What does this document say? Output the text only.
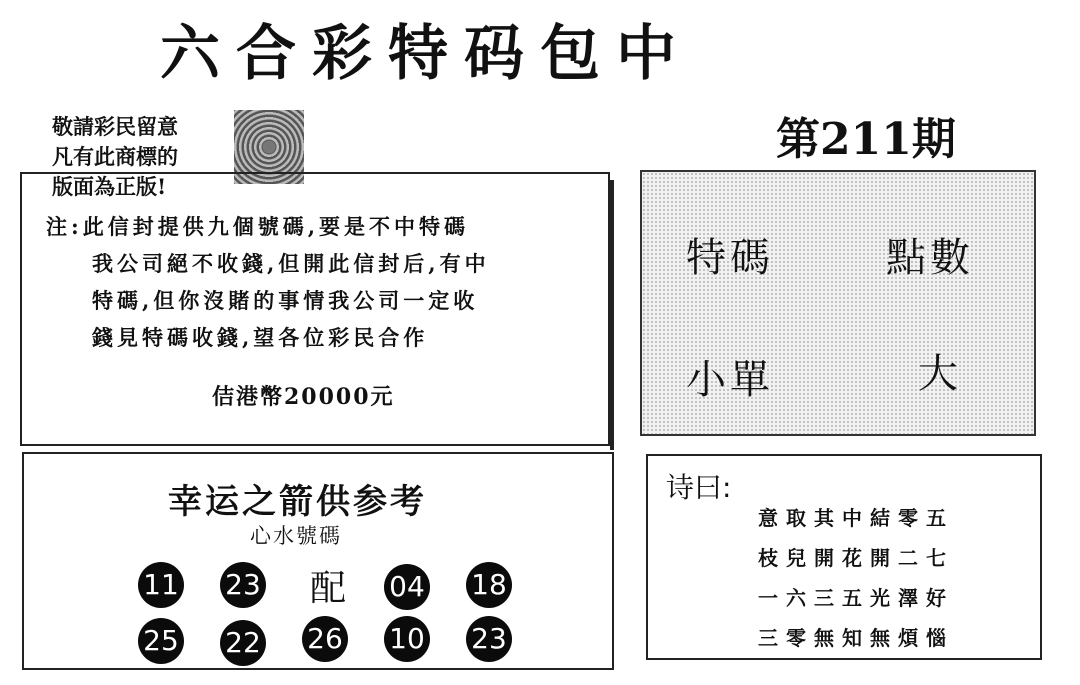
六合彩特码包中
敬請彩民留意
凡有此商標的
版面為正版!
第211期
注:此信封提供九個號碼,要是不中特碼
我公司絕不收錢,但開此信封后,有中
特碼,但你沒賭的事情我公司一定收
錢見特碼收錢,望各位彩民合作
佶港幣20000元
特碼	點數
小單	大
幸运之箭供参考
心水號碼
11 23 配 04 18
25 22 26 10 23
诗曰:
意取其中結零五
枝兒開花開二七
一六三五光澤好
三零無知無煩惱
